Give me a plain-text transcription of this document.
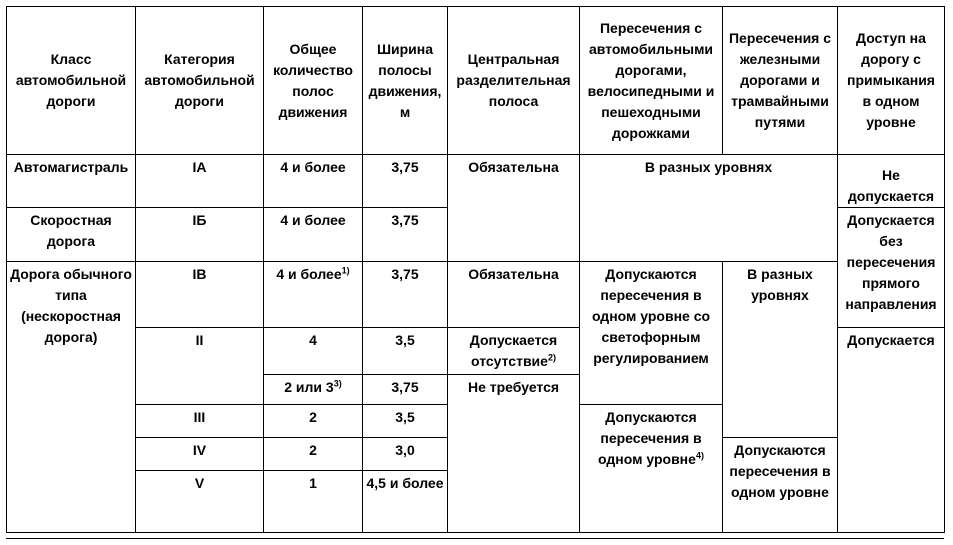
Класс автомобильной дороги	Категория автомобильной дороги	Общее количество полос движения	Ширина полосы движения, м	Центральная разделительная полоса	Пересечения с автомобильными дорогами, велосипедными и пешеходными дорожками	Пересечения с железными дорогами и трамвайными путями	Доступ на дорогу с примыкания в одном уровне
Автомагистраль	IA	4 и более	3,75	Обязательна	В разных уровнях		Не допускается
Скоростная дорога	IБ	4 и более	3,75				Допускается без пересечения прямого направления
Дорога обычного типа (нескоростная дорога)	IB	4 и более$^{1)}$	3,75	Обязательна	Допускаются пересечения в одном уровне со светофорным регулированием	В разных уровнях	
	II	4	3,5	Допускается отсутствие$^{2)}$			Допускается
		2 или 3$^{3)}$	3,75	Не требуется			
	III	2	3,5		Допускаются пересечения в одном уровне$^{4)}$
	IV	2	3,0			Допускаются пересечения в одном уровне	
	V	1	4,5 и более				
